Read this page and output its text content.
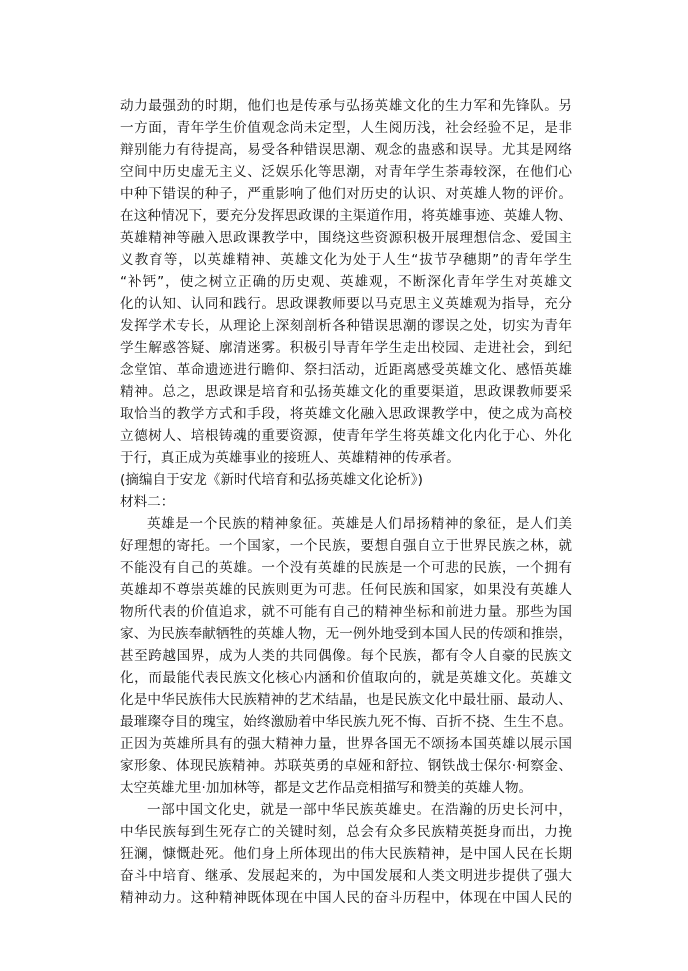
动力最强劲的时期，他们也是传承与弘扬英雄文化的生力军和先锋队。另
一方面，青年学生价值观念尚未定型，人生阅历浅，社会经验不足，是非
辩别能力有待提高，易受各种错误思潮、观念的蛊惑和误导。尤其是网络
空间中历史虚无主义、泛娱乐化等思潮，对青年学生荼毒较深，在他们心
中种下错误的种子，严重影响了他们对历史的认识、对英雄人物的评价。
在这种情况下，要充分发挥思政课的主渠道作用，将英雄事迹、英雄人物、
英雄精神等融入思政课教学中，围绕这些资源积极开展理想信念、爱国主
义教育等，以英雄精神、英雄文化为处于人生“拔节孕穗期”的青年学生
“补钙”，使之树立正确的历史观、英雄观，不断深化青年学生对英雄文
化的认知、认同和践行。思政课教师要以马克思主义英雄观为指导，充分
发挥学术专长，从理论上深刻剖析各种错误思潮的谬误之处，切实为青年
学生解惑答疑、廓清迷雾。积极引导青年学生走出校园、走进社会，到纪
念堂馆、革命遗迹进行瞻仰、祭扫活动，近距离感受英雄文化、感悟英雄
精神。总之，思政课是培育和弘扬英雄文化的重要渠道，思政课教师要采
取恰当的教学方式和手段，将英雄文化融入思政课教学中，使之成为高校
立德树人、培根铸魂的重要资源，使青年学生将英雄文化内化于心、外化
于行，真正成为英雄事业的接班人、英雄精神的传承者。
(摘编自于安龙《新时代培育和弘扬英雄文化论析》)
材料二：
英雄是一个民族的精神象征。英雄是人们昂扬精神的象征，是人们美
好理想的寄托。一个国家，一个民族，要想自强自立于世界民族之林，就
不能没有自己的英雄。一个没有英雄的民族是一个可悲的民族，一个拥有
英雄却不尊崇英雄的民族则更为可悲。任何民族和国家，如果没有英雄人
物所代表的价值追求，就不可能有自己的精神坐标和前进力量。那些为国
家、为民族奉献牺牲的英雄人物，无一例外地受到本国人民的传颂和推崇，
甚至跨越国界，成为人类的共同偶像。每个民族，都有令人自豪的民族文
化，而最能代表民族文化核心内涵和价值取向的，就是英雄文化。英雄文
化是中华民族伟大民族精神的艺术结晶，也是民族文化中最壮丽、最动人、
最璀璨夺目的瑰宝，始终激励着中华民族九死不悔、百折不挠、生生不息。
正因为英雄所具有的强大精神力量，世界各国无不颂扬本国英雄以展示国
家形象、体现民族精神。苏联英勇的卓娅和舒拉、钢铁战士保尔·柯察金、
太空英雄尤里·加加林等，都是文艺作品竞相描写和赞美的英雄人物。
一部中国文化史，就是一部中华民族英雄史。在浩瀚的历史长河中，
中华民族每到生死存亡的关键时刻，总会有众多民族精英挺身而出，力挽
狂澜，慷慨赴死。他们身上所体现出的伟大民族精神，是中国人民在长期
奋斗中培育、继承、发展起来的，为中国发展和人类文明进步提供了强大
精神动力。这种精神既体现在中国人民的奋斗历程中，体现在中国人民的
